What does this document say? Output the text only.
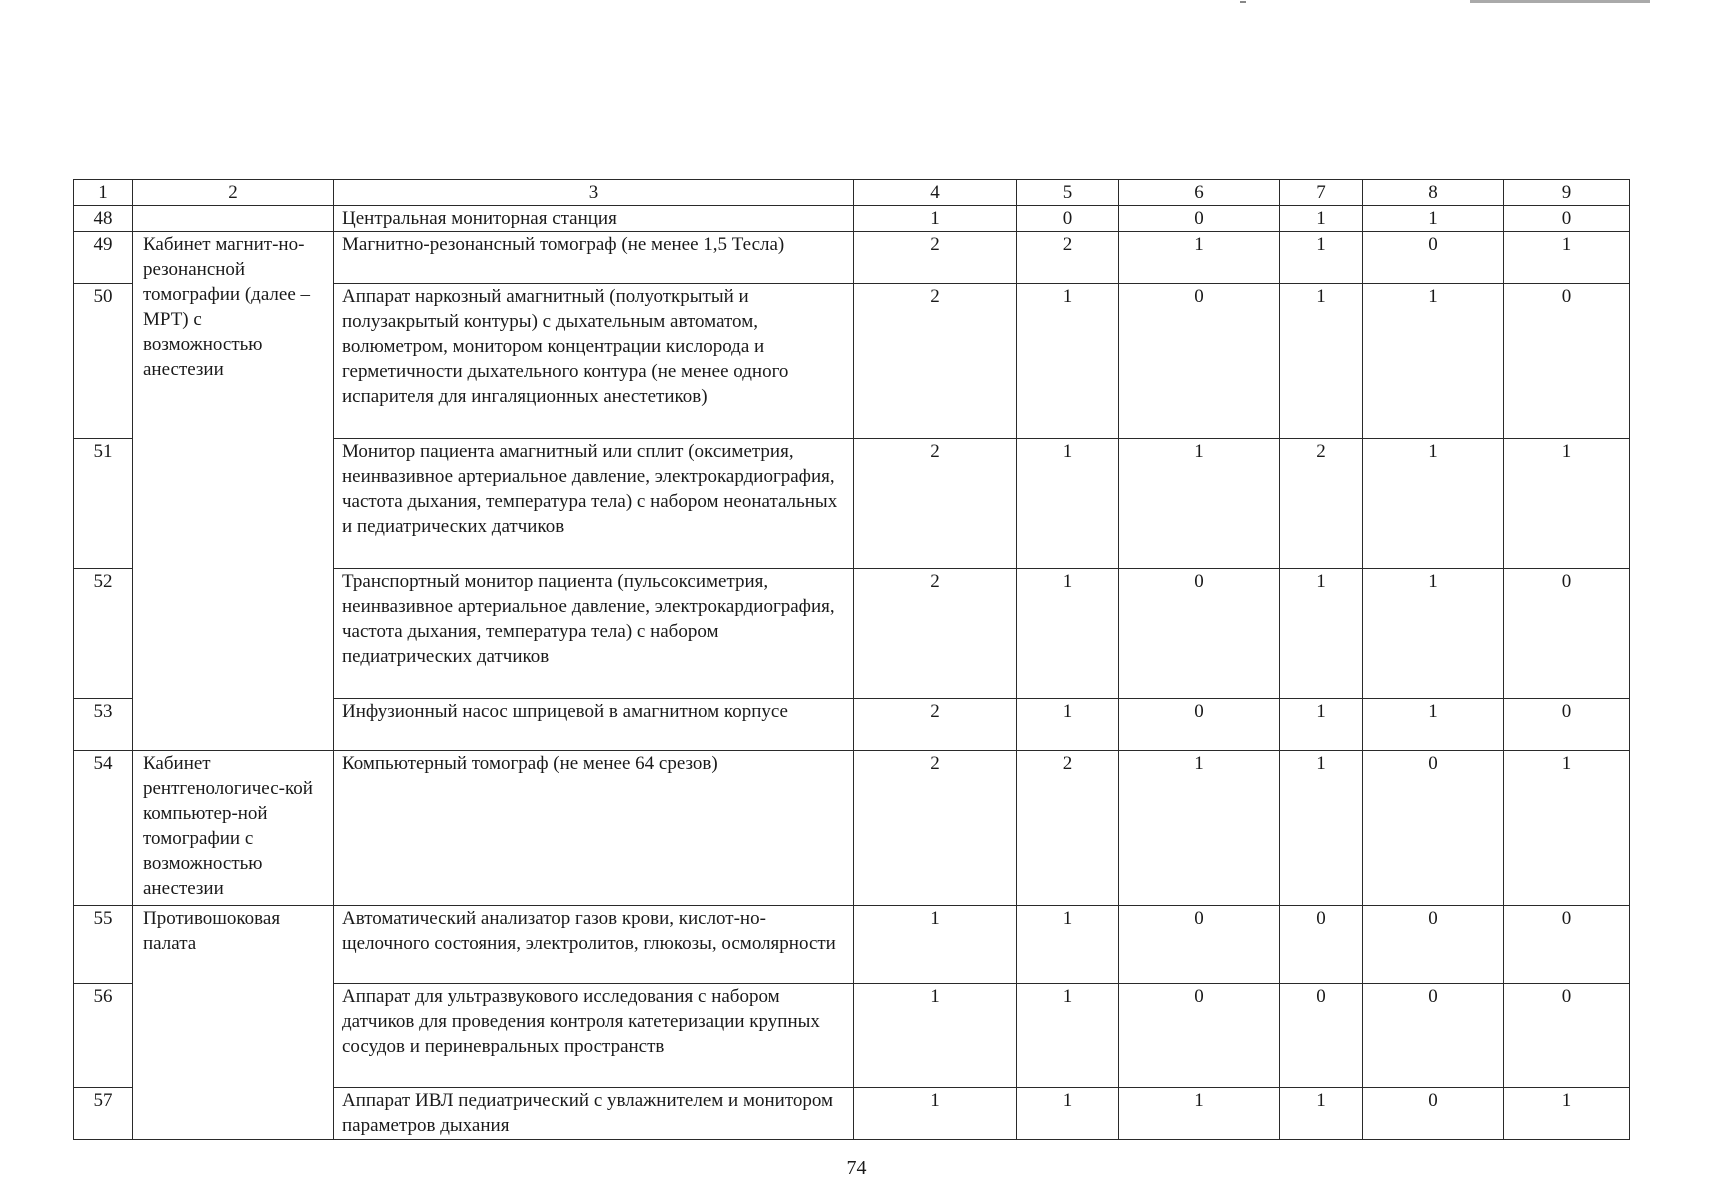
1	2	3	4	5	6	7	8	9
48		Центральная мониторная станция	1	0	0	1	1	0
49	Кабинет магнит-но-резонансной томографии (далее – МРТ) с возможностью анестезии	Магнитно-резонансный томограф (не менее 1,5 Тесла)	2	2	1	1	0	1
50		Аппарат наркозный амагнитный (полуоткрытый и полузакрытый контуры) с дыхательным автоматом, волюметром, монитором концентрации кислорода и герметичности дыхательного контура (не менее одного испарителя для ингаляционных анестетиков)	2	1	0	1	1	0
51		Монитор пациента амагнитный или сплит (оксиметрия, неинвазивное артериальное давление, электрокардиография, частота дыхания, температура тела) с набором неонатальных и педиатрических датчиков	2	1	1	2	1	1
52		Транспортный монитор пациента (пульсоксиметрия, неинвазивное артериальное давление, электрокардиография, частота дыхания, температура тела) с набором педиатрических датчиков	2	1	0	1	1	0
53		Инфузионный насос шприцевой в амагнитном корпусе	2	1	0	1	1	0
54	Кабинет рентгенологичес-кой компьютер-ной томографии с возможностью анестезии	Компьютерный томограф (не менее 64 срезов)	2	2	1	1	0	1
55	Противошоковая палата	Автоматический анализатор газов крови, кислот-но-щелочного состояния, электролитов, глюкозы, осмолярности	1	1	0	0	0	0
56		Аппарат для ультразвукового исследования с набором датчиков для проведения контроля катетеризации крупных сосудов и периневральных пространств	1	1	0	0	0	0
57		Аппарат ИВЛ педиатрический с увлажнителем и монитором параметров дыхания	1	1	1	1	0	1
74
